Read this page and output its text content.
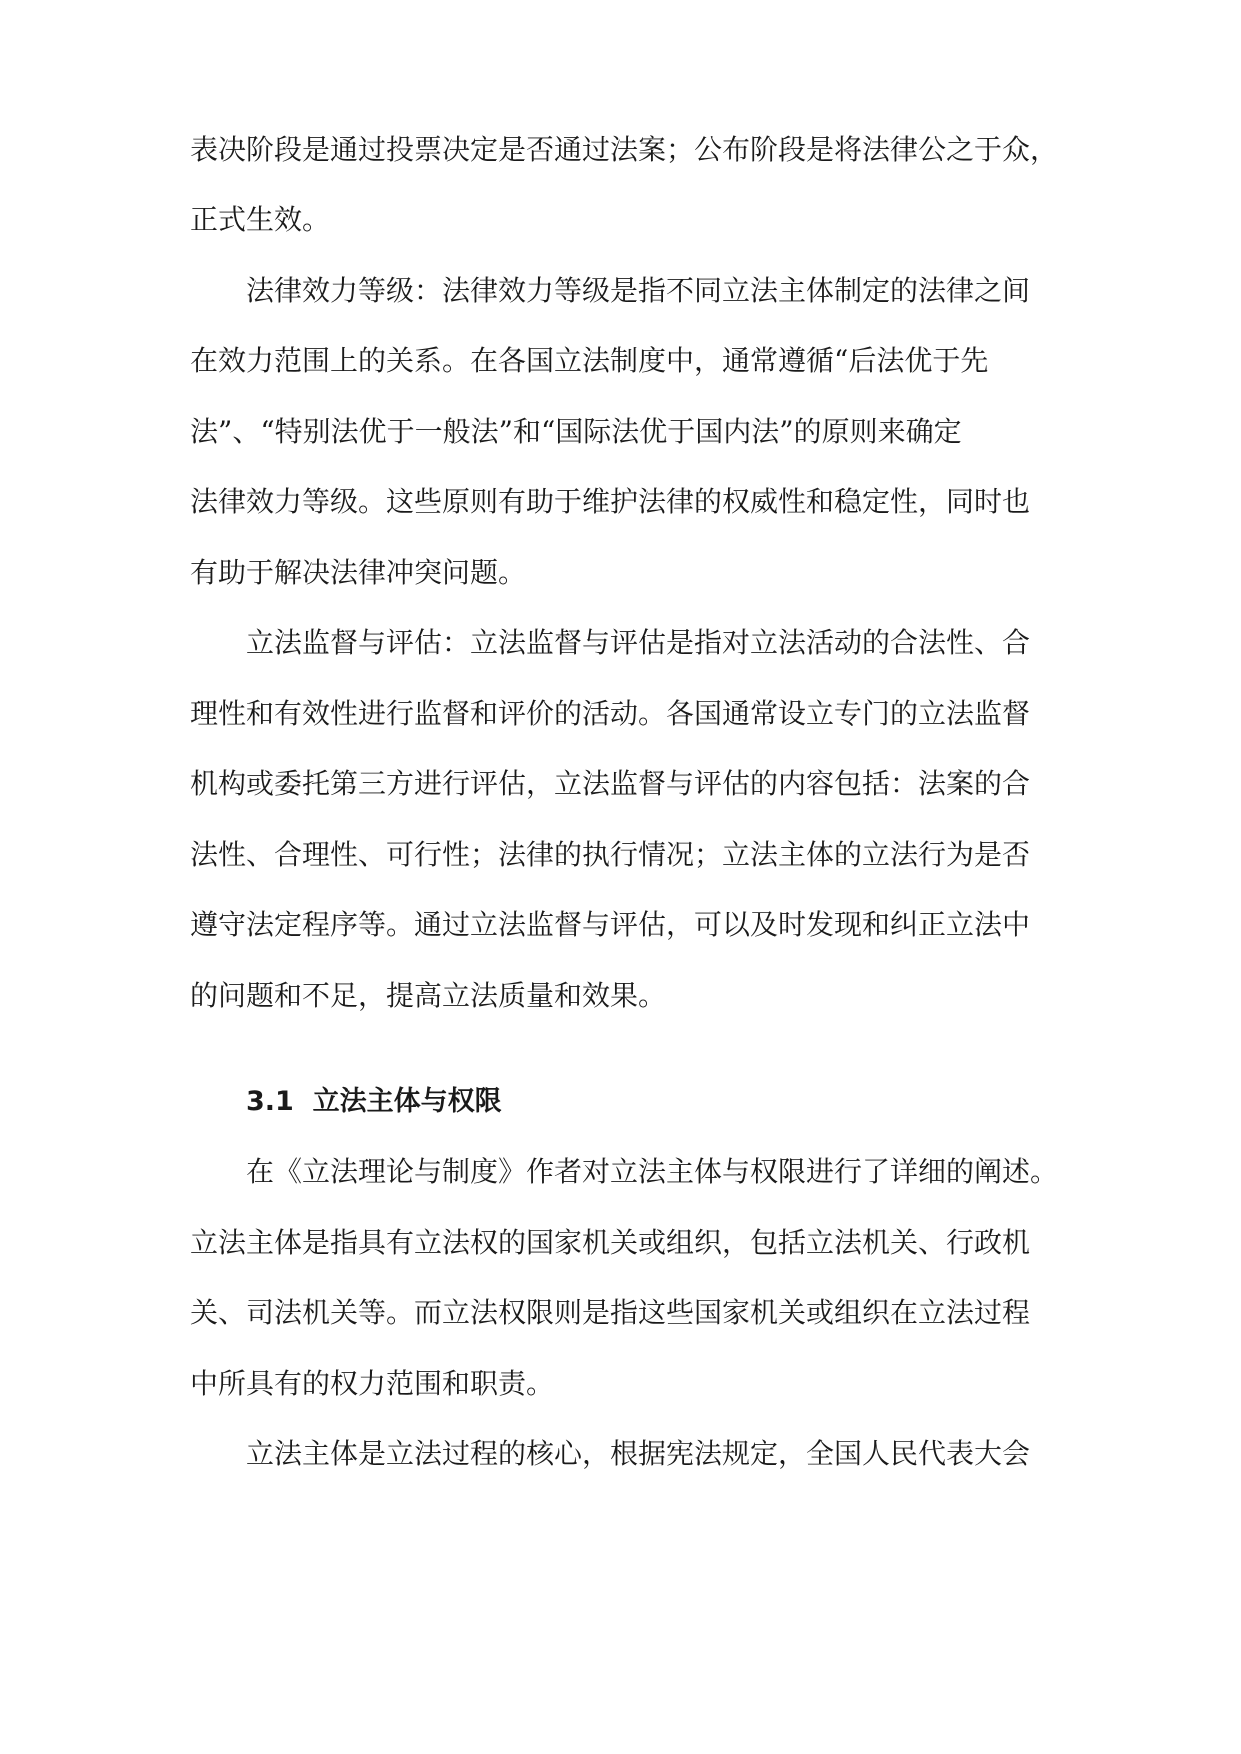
表决阶段是通过投票决定是否通过法案；公布阶段是将法律公之于众，
正式生效。
法律效力等级：法律效力等级是指不同立法主体制定的法律之间
在效力范围上的关系。在各国立法制度中，通常遵循“后法优于先
法”、“特别法优于一般法”和“国际法优于国内法”的原则来确定
法律效力等级。这些原则有助于维护法律的权威性和稳定性，同时也
有助于解决法律冲突问题。
立法监督与评估：立法监督与评估是指对立法活动的合法性、合
理性和有效性进行监督和评价的活动。各国通常设立专门的立法监督
机构或委托第三方进行评估，立法监督与评估的内容包括：法案的合
法性、合理性、可行性；法律的执行情况；立法主体的立法行为是否
遵守法定程序等。通过立法监督与评估，可以及时发现和纠正立法中
的问题和不足，提高立法质量和效果。
3.1 立法主体与权限
在《立法理论与制度》作者对立法主体与权限进行了详细的阐述。
立法主体是指具有立法权的国家机关或组织，包括立法机关、行政机
关、司法机关等。而立法权限则是指这些国家机关或组织在立法过程
中所具有的权力范围和职责。
立法主体是立法过程的核心，根据宪法规定，全国人民代表大会
